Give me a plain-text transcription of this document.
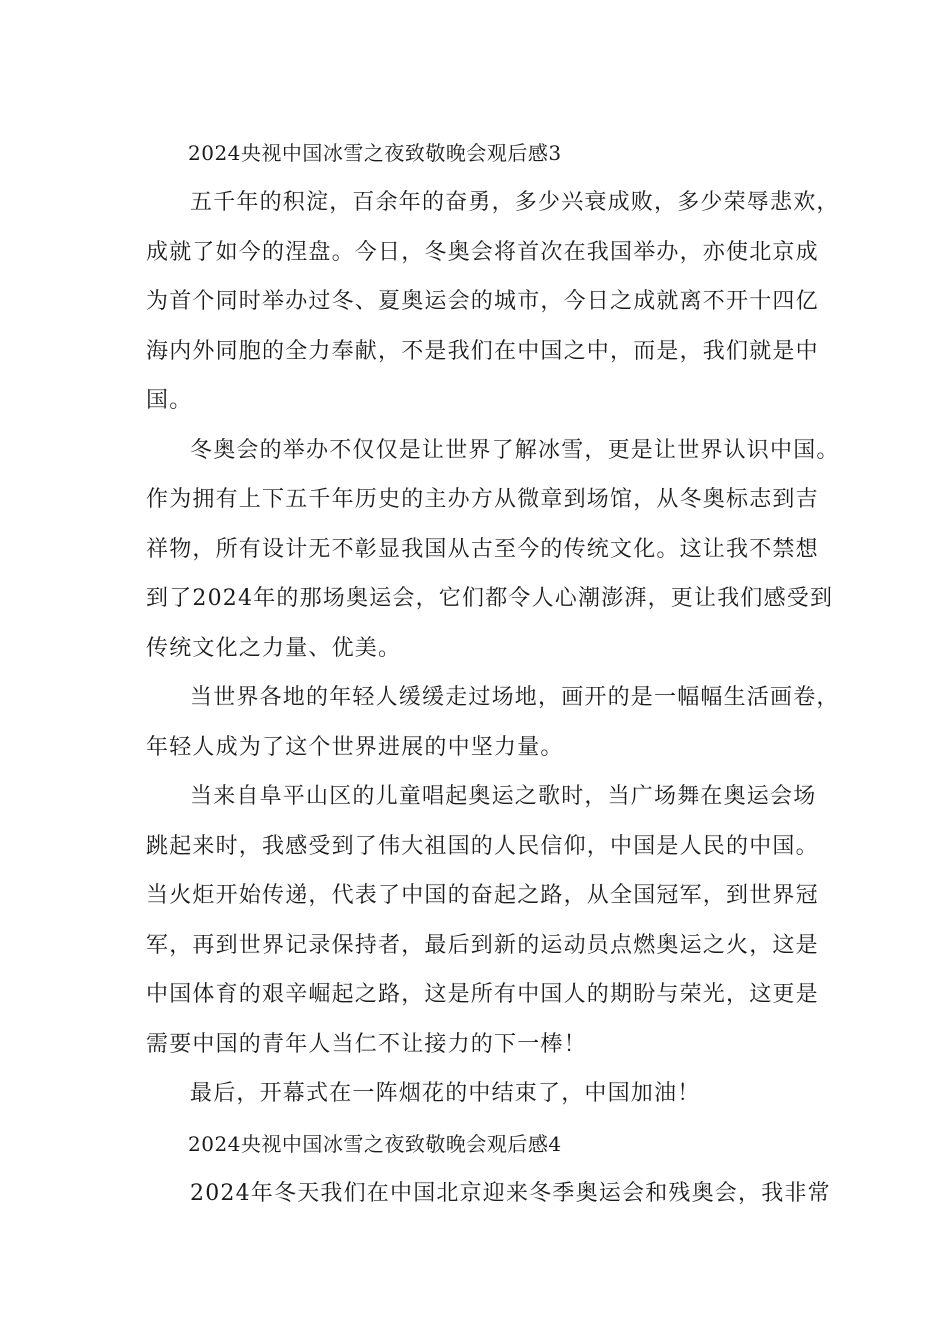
2024央视中国冰雪之夜致敬晚会观后感3

五千年的积淀，百余年的奋勇，多少兴衰成败，多少荣辱悲欢，
成就了如今的涅盘。今日，冬奥会将首次在我国举办，亦使北京成
为首个同时举办过冬、夏奥运会的城市，今日之成就离不开十四亿
海内外同胞的全力奉献，不是我们在中国之中，而是，我们就是中
国。

冬奥会的举办不仅仅是让世界了解冰雪，更是让世界认识中国。
作为拥有上下五千年历史的主办方从微章到场馆，从冬奥标志到吉
祥物，所有设计无不彰显我国从古至今的传统文化。这让我不禁想
到了2024年的那场奥运会，它们都令人心潮澎湃，更让我们感受到
传统文化之力量、优美。

当世界各地的年轻人缓缓走过场地，画开的是一幅幅生活画卷，
年轻人成为了这个世界进展的中坚力量。

当来自阜平山区的儿童唱起奥运之歌时，当广场舞在奥运会场
跳起来时，我感受到了伟大祖国的人民信仰，中国是人民的中国。
当火炬开始传递，代表了中国的奋起之路，从全国冠军，到世界冠
军，再到世界记录保持者，最后到新的运动员点燃奥运之火，这是
中国体育的艰辛崛起之路，这是所有中国人的期盼与荣光，这更是
需要中国的青年人当仁不让接力的下一棒！

最后，开幕式在一阵烟花的中结束了，中国加油！

2024央视中国冰雪之夜致敬晚会观后感4

2024年冬天我们在中国北京迎来冬季奥运会和残奥会，我非常
